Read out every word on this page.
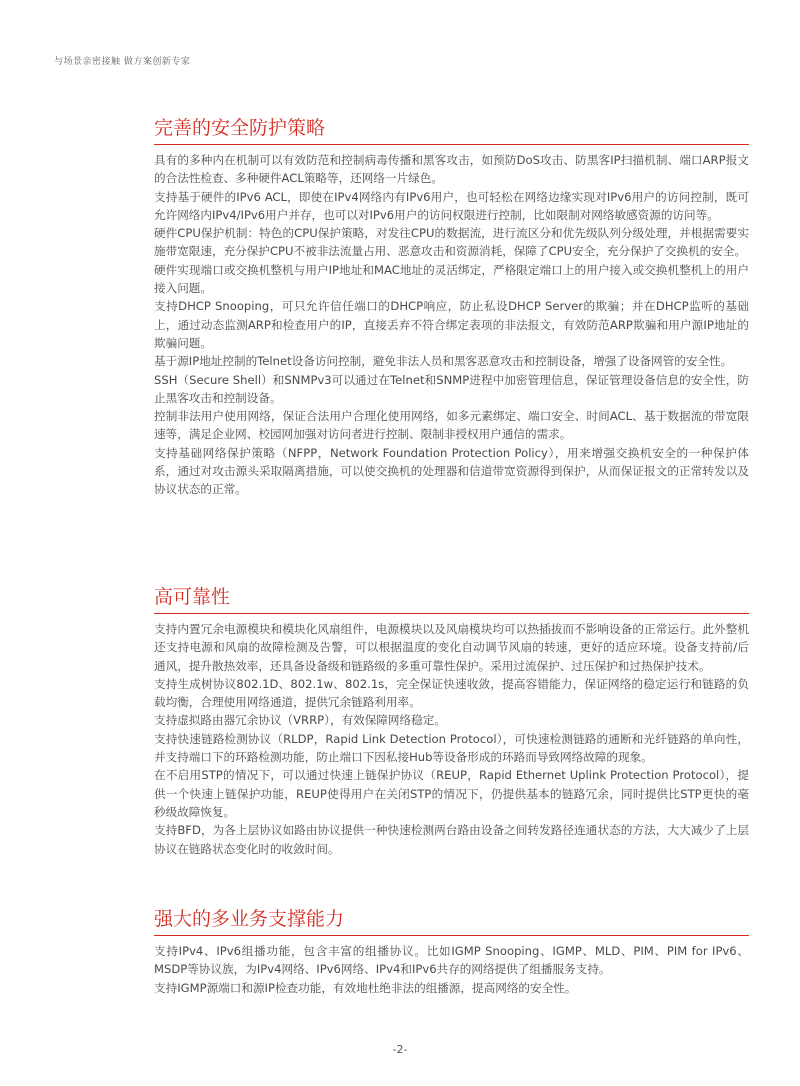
与场景亲密接触 做方案创新专家

完善的安全防护策略

具有的多种内在机制可以有效防范和控制病毒传播和黑客攻击，如预防DoS攻击、防黑客IP扫描机制、端口ARP报文的合法性检查、多种硬件ACL策略等，还网络一片绿色。

支持基于硬件的IPv6 ACL，即使在IPv4网络内有IPv6用户，也可轻松在网络边缘实现对IPv6用户的访问控制，既可允许网络内IPv4/IPv6用户并存，也可以对IPv6用户的访问权限进行控制，比如限制对网络敏感资源的访问等。

硬件CPU保护机制：特色的CPU保护策略，对发往CPU的数据流，进行流区分和优先级队列分级处理，并根据需要实施带宽限速，充分保护CPU不被非法流量占用、恶意攻击和资源消耗，保障了CPU安全，充分保护了交换机的安全。

硬件实现端口或交换机整机与用户IP地址和MAC地址的灵活绑定，严格限定端口上的用户接入或交换机整机上的用户接入问题。

支持DHCP Snooping，可只允许信任端口的DHCP响应，防止私设DHCP Server的欺骗；并在DHCP监听的基础上，通过动态监测ARP和检查用户的IP，直接丢弃不符合绑定表项的非法报文，有效防范ARP欺骗和用户源IP地址的欺骗问题。

基于源IP地址控制的Telnet设备访问控制，避免非法人员和黑客恶意攻击和控制设备，增强了设备网管的安全性。

SSH（Secure Shell）和SNMPv3可以通过在Telnet和SNMP进程中加密管理信息，保证管理设备信息的安全性，防止黑客攻击和控制设备。

控制非法用户使用网络，保证合法用户合理化使用网络，如多元素绑定、端口安全、时间ACL、基于数据流的带宽限速等，满足企业网、校园网加强对访问者进行控制、限制非授权用户通信的需求。

支持基础网络保护策略（NFPP，Network Foundation Protection Policy），用来增强交换机安全的一种保护体系，通过对攻击源头采取隔离措施，可以使交换机的处理器和信道带宽资源得到保护，从而保证报文的正常转发以及协议状态的正常。

高可靠性

支持内置冗余电源模块和模块化风扇组件，电源模块以及风扇模块均可以热插拔而不影响设备的正常运行。此外整机还支持电源和风扇的故障检测及告警，可以根据温度的变化自动调节风扇的转速，更好的适应环境。设备支持前/后通风，提升散热效率，还具备设备级和链路级的多重可靠性保护。采用过流保护、过压保护和过热保护技术。

支持生成树协议802.1D、802.1w、802.1s，完全保证快速收敛，提高容错能力，保证网络的稳定运行和链路的负载均衡，合理使用网络通道，提供冗余链路利用率。

支持虚拟路由器冗余协议（VRRP），有效保障网络稳定。

支持快速链路检测协议（RLDP，Rapid Link Detection Protocol），可快速检测链路的通断和光纤链路的单向性，并支持端口下的环路检测功能，防止端口下因私接Hub等设备形成的环路而导致网络故障的现象。

在不启用STP的情况下，可以通过快速上链保护协议（REUP，Rapid Ethernet Uplink Protection Protocol），提供一个快速上链保护功能，REUP使得用户在关闭STP的情况下，仍提供基本的链路冗余，同时提供比STP更快的毫秒级故障恢复。

支持BFD，为各上层协议如路由协议提供一种快速检测两台路由设备之间转发路径连通状态的方法，大大减少了上层协议在链路状态变化时的收敛时间。

强大的多业务支撑能力

支持IPv4、IPv6组播功能，包含丰富的组播协议。比如IGMP Snooping、IGMP、MLD、PIM、PIM for IPv6、MSDP等协议族，为IPv4网络、IPv6网络、IPv4和IPv6共存的网络提供了组播服务支持。

支持IGMP源端口和源IP检查功能，有效地杜绝非法的组播源，提高网络的安全性。

-2-
